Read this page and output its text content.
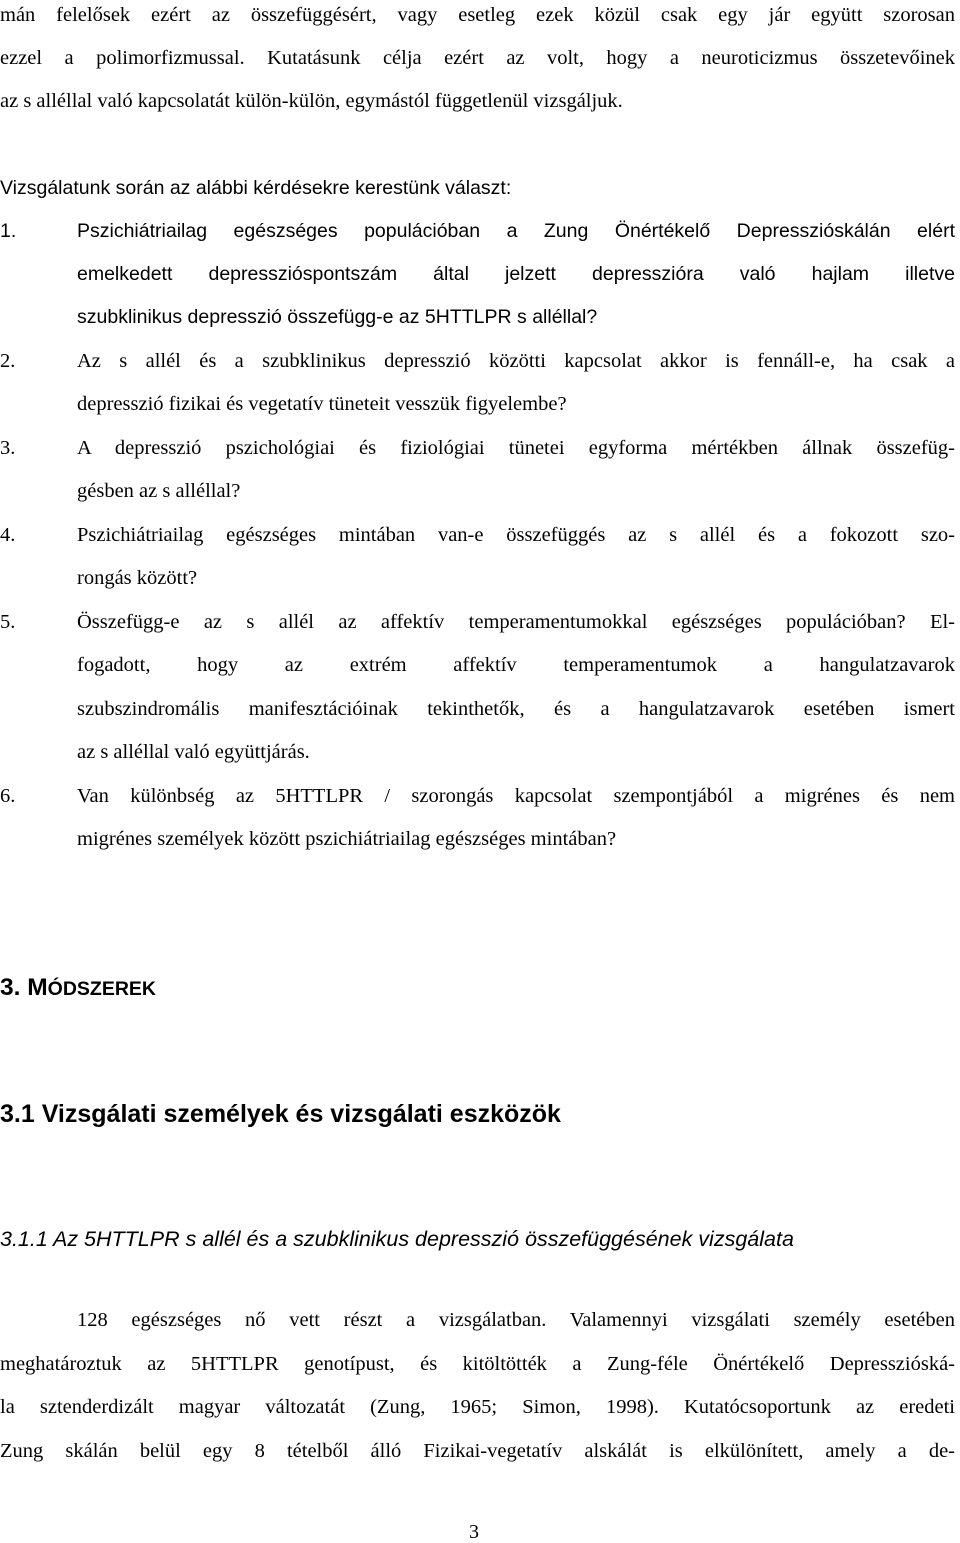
mán felelősek ezért az összefüggésért, vagy esetleg ezek közül csak egy jár együtt szorosan

ezzel a polimorfizmussal. Kutatásunk célja ezért az volt, hogy a neuroticizmus összetevőinek

az s alléllal való kapcsolatát külön-külön, egymástól függetlenül vizsgáljuk.

Vizsgálatunk során az alábbi kérdésekre kerestünk választ:

1.	Pszichiátriailag egészséges populációban a Zung Önértékelő Depresszióskálán elért

emelkedett depresszióspontszám által jelzett depresszióra való hajlam illetve

szubklinikus depresszió összefügg-e az 5HTTLPR s alléllal?

2.	Az s allél és a szubklinikus depresszió közötti kapcsolat akkor is fennáll-e, ha csak a

depresszió fizikai és vegetatív tüneteit vesszük figyelembe?

3.	A depresszió pszichológiai és fiziológiai tünetei egyforma mértékben állnak összefüg-

gésben az s alléllal?

4.	Pszichiátriailag egészséges mintában van-e összefüggés az s allél és a fokozott szo-

rongás között?

5.	Összefügg-e az s allél az affektív temperamentumokkal egészséges populációban? El-

fogadott, hogy az extrém affektív temperamentumok a hangulatzavarok

szubszindromális manifesztációinak tekinthetők, és a hangulatzavarok esetében ismert

az s alléllal való együttjárás.

6.	Van különbség az 5HTTLPR / szorongás kapcsolat szempontjából a migrénes és nem

migrénes személyek között pszichiátriailag egészséges mintában?

3. MÓDSZEREK
3.1 Vizsgálati személyek és vizsgálati eszközök
3.1.1 Az 5HTTLPR s allél és a szubklinikus depresszió összefüggésének vizsgálata

128 egészséges nő vett részt a vizsgálatban. Valamennyi vizsgálati személy esetében

meghatároztuk az 5HTTLPR genotípust, és kitöltötték a Zung-féle Önértékelő Depresszióská-

la sztenderdizált magyar változatát (Zung, 1965; Simon, 1998). Kutatócsoportunk az eredeti

Zung skálán belül egy 8 tételből álló Fizikai-vegetatív alskálát is elkülönített, amely a de-

3
